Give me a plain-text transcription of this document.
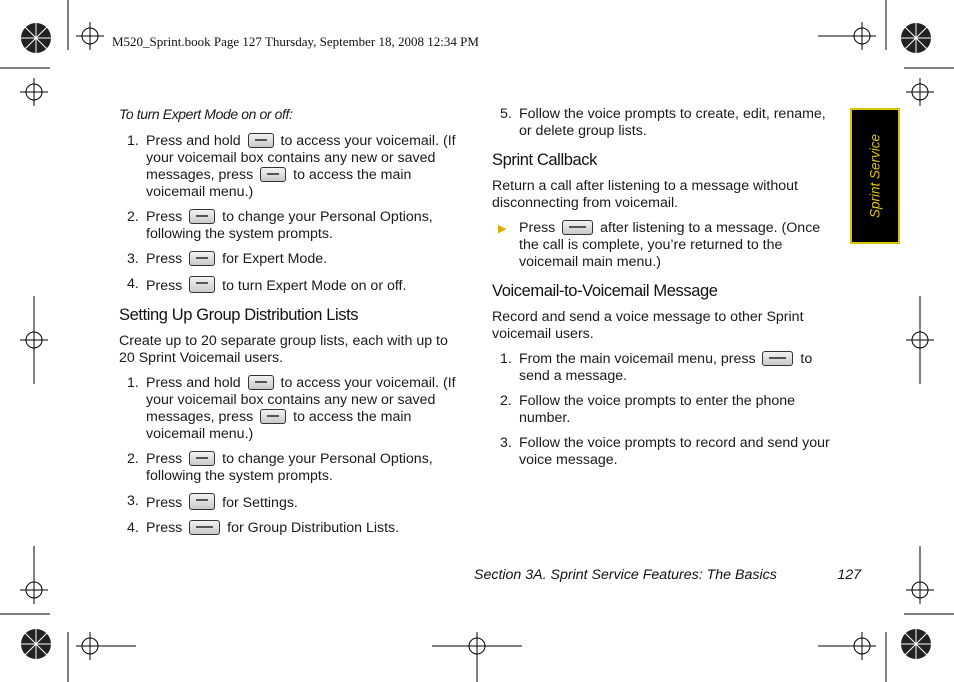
M520_Sprint.book Page 127 Thursday, September 18, 2008 12:34 PM

To turn Expert Mode on or off:

1. Press and hold  to access your voicemail. (If your voicemail box contains any new or saved messages, press  to access the main voicemail menu.)
2. Press  to change your Personal Options, following the system prompts.
3. Press  for Expert Mode.
4. Press  to turn Expert Mode on or off.
Setting Up Group Distribution Lists

Create up to 20 separate group lists, each with up to 20 Sprint Voicemail users.

1. Press and hold  to access your voicemail. (If your voicemail box contains any new or saved messages, press  to access the main voicemail menu.)
2. Press  to change your Personal Options, following the system prompts.
3. Press  for Settings.
4. Press	for Group Distribution Lists.
5. Follow the voice prompts to create, edit, rename, or delete group lists.
Sprint Callback

Return a call after listening to a message without disconnecting from voicemail.

▶ Press	after listening to a message. (Once the call is complete, you’re returned to the voicemail main menu.)
Voicemail-to-Voicemail Message

Record and send a voice message to other Sprint voicemail users.

1. From the main voicemail menu, press	to send a message.
2. Follow the voice prompts to enter the phone number.
3. Follow the voice prompts to record and send your voice message.
Sprint Service
Section 3A. Sprint Service Features: The Basics	127
